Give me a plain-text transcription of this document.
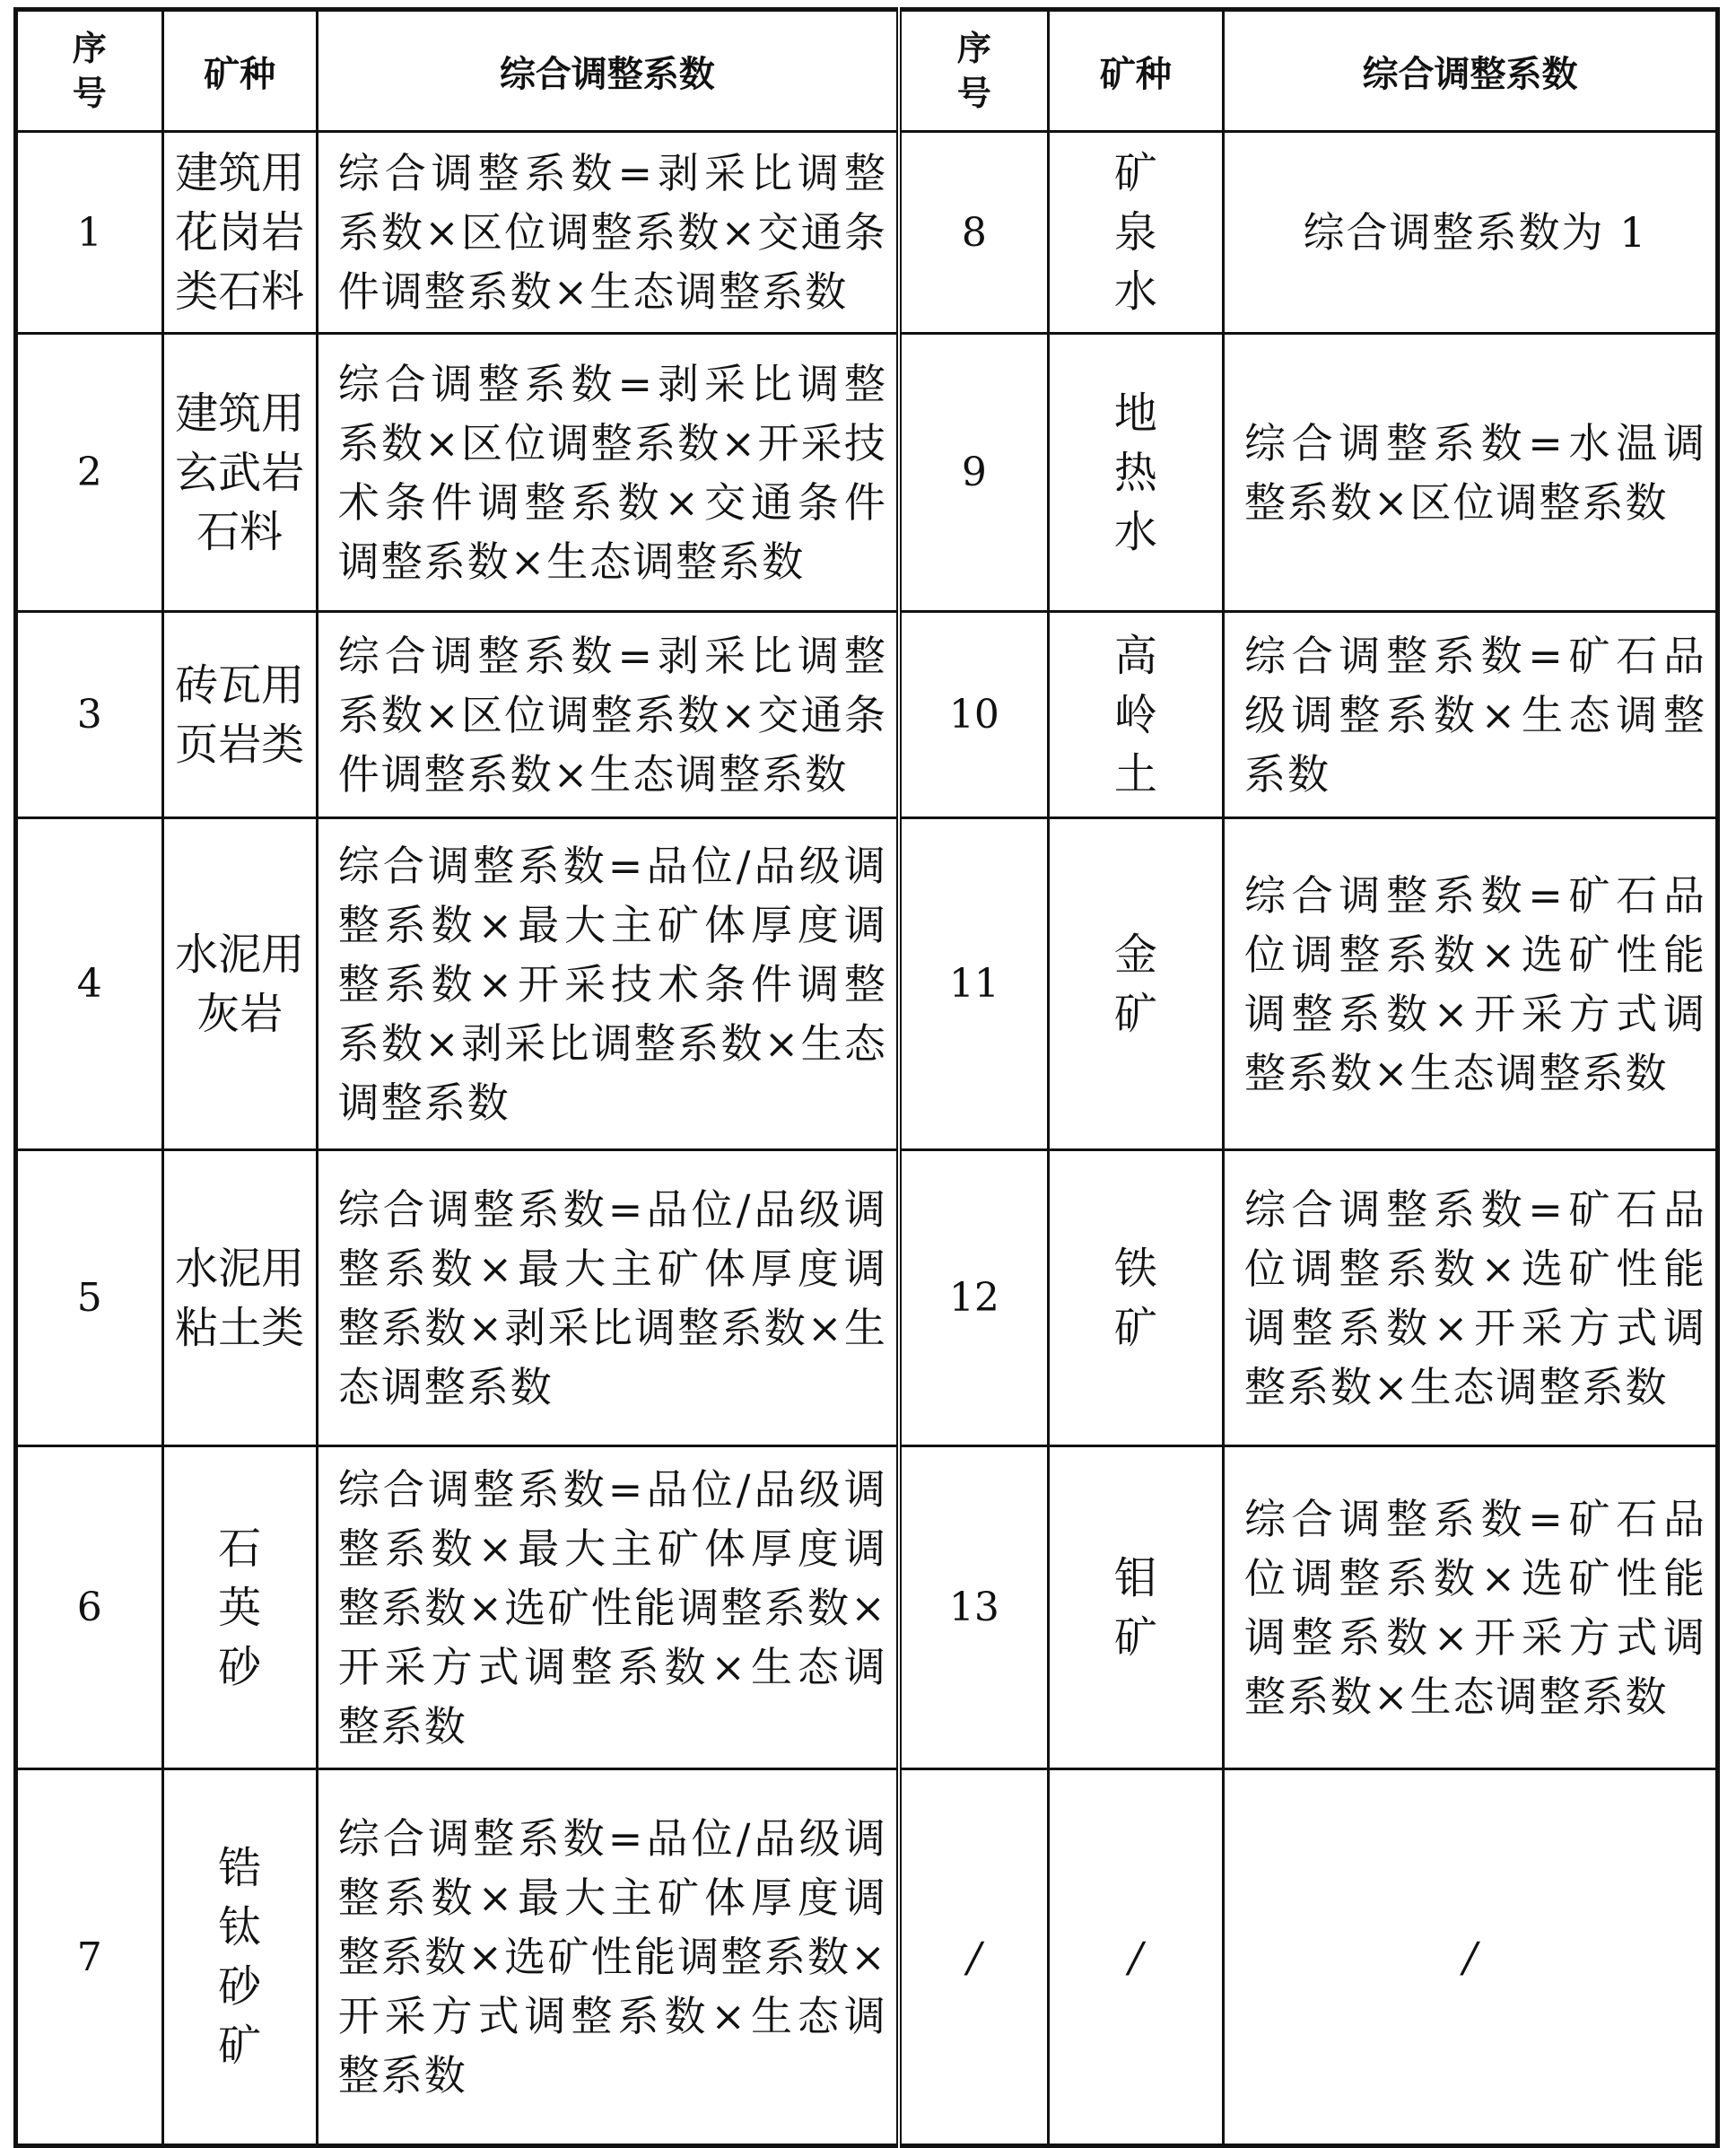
序
号	矿种	综合调整系数	序
号	矿种	综合调整系数
1	建筑用
花岗岩
类石料	综合调整系数=剥采比调整系数×区位调整系数×交通条件调整系数×生态调整系数	8	矿
泉
水	综合调整系数为 1
2	建筑用
玄武岩
石料	综合调整系数=剥采比调整系数×区位调整系数×开采技术条件调整系数×交通条件调整系数×生态调整系数	9	地
热
水	综合调整系数=水温调整系数×区位调整系数
3	砖瓦用
页岩类	综合调整系数=剥采比调整系数×区位调整系数×交通条件调整系数×生态调整系数	10	高
岭
土	综合调整系数=矿石品级调整系数×生态调整系数
4	水泥用
灰岩	综合调整系数=品位/品级调整系数×最大主矿体厚度调整系数×开采技术条件调整系数×剥采比调整系数×生态调整系数	11	金
矿	综合调整系数=矿石品位调整系数×选矿性能调整系数×开采方式调整系数×生态调整系数
5	水泥用
粘土类	综合调整系数=品位/品级调整系数×最大主矿体厚度调整系数×剥采比调整系数×生态调整系数	12	铁
矿	综合调整系数=矿石品位调整系数×选矿性能调整系数×开采方式调整系数×生态调整系数
6	石
英
砂	综合调整系数=品位/品级调整系数×最大主矿体厚度调整系数×选矿性能调整系数×开采方式调整系数×生态调整系数	13	钼
矿	综合调整系数=矿石品位调整系数×选矿性能调整系数×开采方式调整系数×生态调整系数
7	锆
钛
砂
矿	综合调整系数=品位/品级调整系数×最大主矿体厚度调整系数×选矿性能调整系数×开采方式调整系数×生态调整系数	/	/	/
